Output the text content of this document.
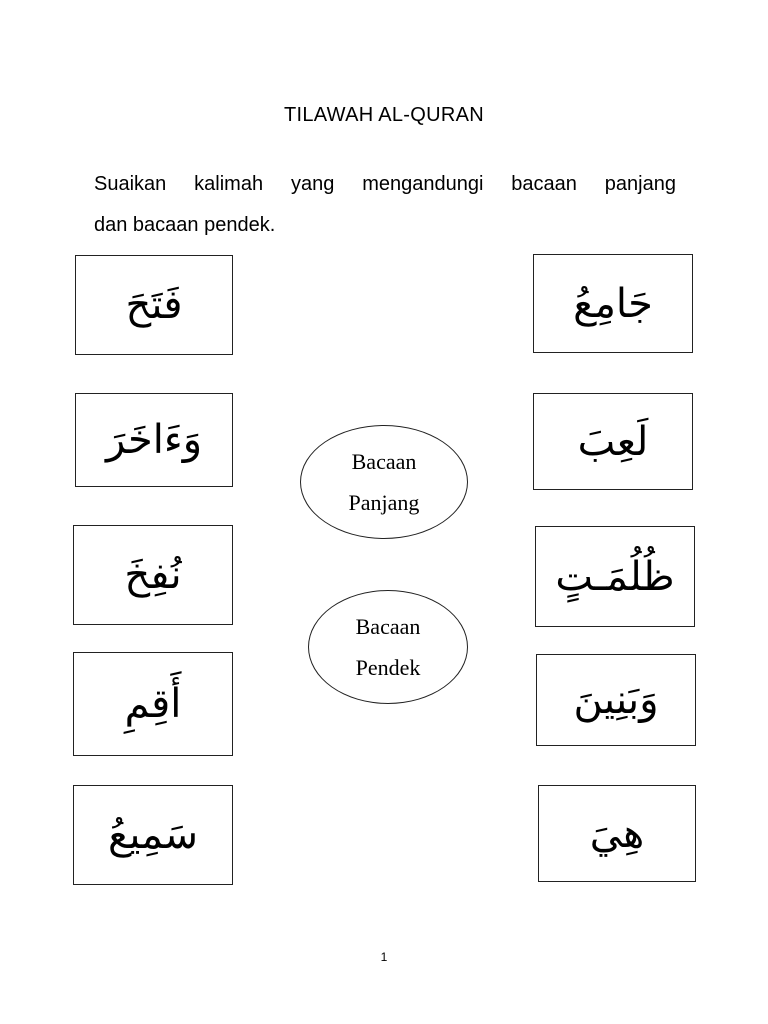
TILAWAH AL-QURAN
Suaikan kalimah yang mengandungi bacaan panjang
dan bacaan pendek.
فَتَحَ
وَءَاخَرَ
نُفِخَ
أَقِمِ
سَمِيعُ
جَامِعُ
لَعِبَ
ظُلُمَـتٍ
وَبَنِينَ
هِيَ
Bacaan
Panjang
Bacaan
Pendek
1
